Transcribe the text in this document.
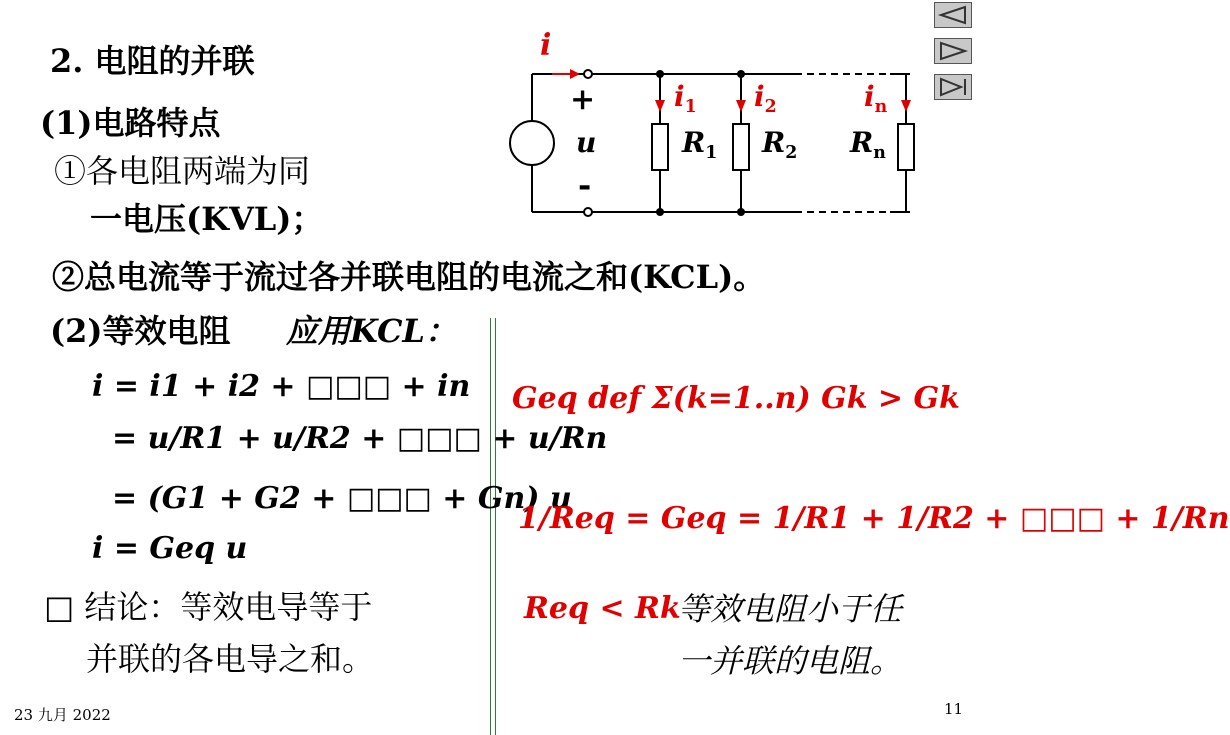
2. 电阻的并联
(1)电路特点
①各电阻两端为同
一电压(KVL)；
②总电流等于流过各并联电阻的电流之和(KCL)。
(2)等效电阻 应用KCL：
i = i1 + i2 + □□□ + in
= u/R1 + u/R2 + □□□ + u/Rn
= (G1 + G2 + □□□ + Gn) u
i = Geq u
□ 结论：等效电导等于
并联的各电导之和。
Geq def Σ(k=1..n) Gk > Gk
1/Req = Geq = 1/R1 + 1/R2 + □□□ + 1/Rn
Req < Rk
等效电阻小于任
一并联的电阻。
23 九月 2022	11
i
+
u
-
$i_1$ $i_2$	$i_n$
$R_1$ $R_2$ $R_n$
